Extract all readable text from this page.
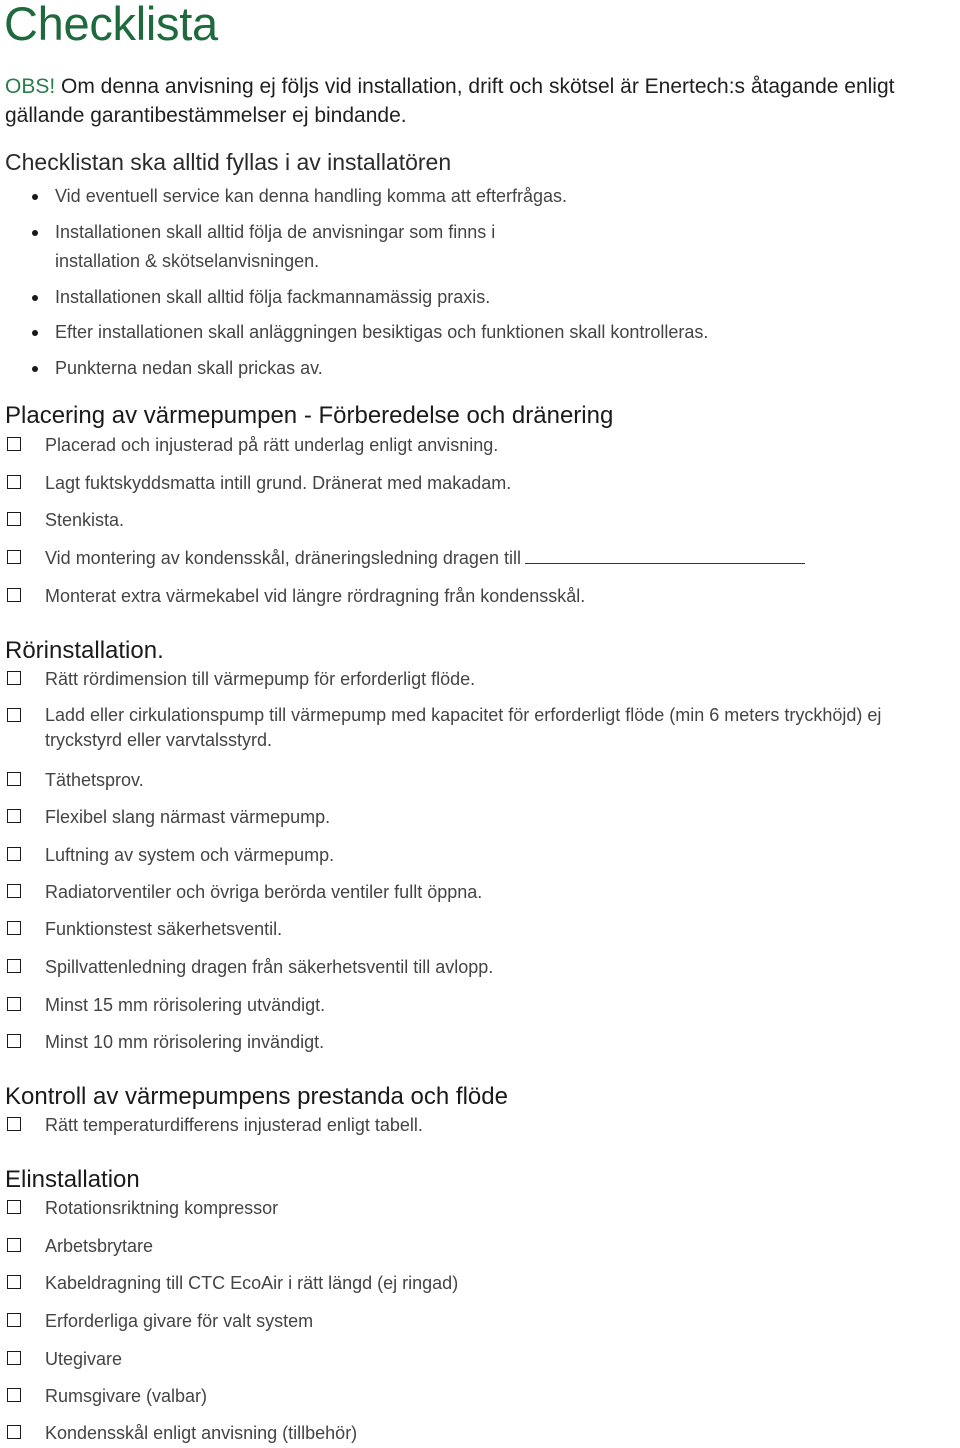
Checklista
OBS! Om denna anvisning ej följs vid installation, drift och skötsel är Enertech:s åtagande enligt gällande garantibestämmelser ej bindande.
Checklistan ska alltid fyllas i av installatören
Vid eventuell service kan denna handling komma att efterfrågas.
Installationen skall alltid följa de anvisningar som finns i installation & skötselanvisningen.
Installationen skall alltid följa fackmannamässig praxis.
Efter installationen skall anläggningen besiktigas och funktionen skall kontrolleras.
Punkterna nedan skall prickas av.
Placering av värmepumpen - Förberedelse och dränering
Placerad och injusterad på rätt underlag enligt anvisning.
Lagt fuktskyddsmatta intill grund. Dränerat med makadam.
Stenkista.
Vid montering av kondensskål, dräneringsledning dragen till
Monterat extra värmekabel vid längre rördragning från kondensskål.
Rörinstallation.
Rätt rördimension till värmepump för erforderligt flöde.
Ladd eller cirkulationspump till värmepump med kapacitet för erforderligt flöde (min 6 meters tryckhöjd) ej tryckstyrd eller varvtalsstyrd.
Täthetsprov.
Flexibel slang närmast värmepump.
Luftning av system och värmepump.
Radiatorventiler och övriga berörda ventiler fullt öppna.
Funktionstest säkerhetsventil.
Spillvattenledning dragen från säkerhetsventil till avlopp.
Minst 15 mm rörisolering utvändigt.
Minst 10 mm rörisolering invändigt.
Kontroll av värmepumpens prestanda och flöde
Rätt temperaturdifferens injusterad enligt tabell.
Elinstallation
Rotationsriktning kompressor
Arbetsbrytare
Kabeldragning till CTC EcoAir i rätt längd (ej ringad)
Erforderliga givare för valt system
Utegivare
Rumsgivare (valbar)
Kondensskål enligt anvisning (tillbehör)
